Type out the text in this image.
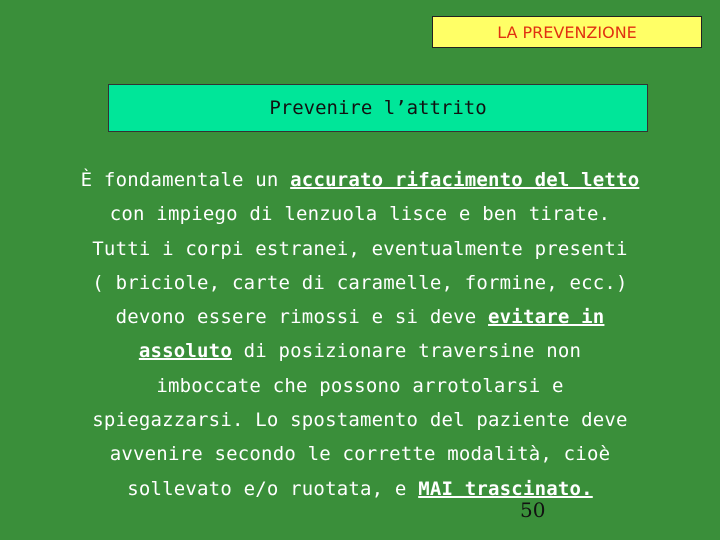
LA PREVENZIONE
Prevenire l’attrito
È fondamentale un accurato rifacimento del letto
con impiego di lenzuola lisce e ben tirate.
Tutti i corpi estranei, eventualmente presenti
( briciole, carte di caramelle, formine, ecc.)
devono essere rimossi e si deve evitare in
assoluto di posizionare traversine non
imboccate che possono arrotolarsi e
spiegazzarsi. Lo spostamento del paziente deve
avvenire secondo le corrette modalità, cioè
sollevato e/o ruotata, e MAI trascinato.
50
